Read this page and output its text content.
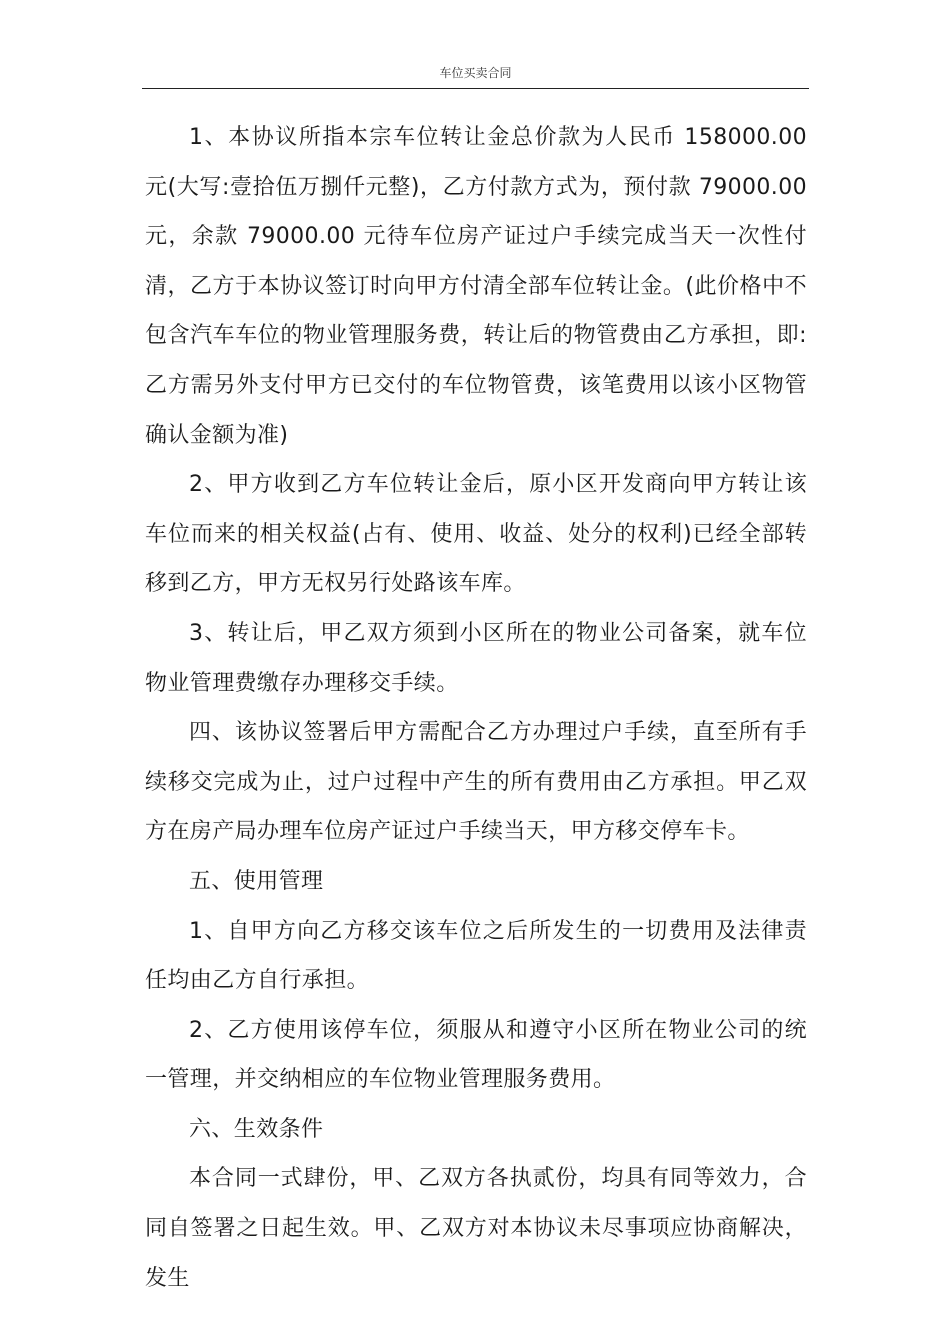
车位买卖合同

1、本协议所指本宗车位转让金总价款为人民币 158000.00 元(大写:壹拾伍万捌仟元整)，乙方付款方式为，预付款 79000.00 元，余款 79000.00 元待车位房产证过户手续完成当天一次性付清，乙方于本协议签订时向甲方付清全部车位转让金。(此价格中不包含汽车车位的物业管理服务费，转让后的物管费由乙方承担，即:乙方需另外支付甲方已交付的车位物管费，该笔费用以该小区物管确认金额为准)

2、甲方收到乙方车位转让金后，原小区开发商向甲方转让该车位而来的相关权益(占有、使用、收益、处分的权利)已经全部转移到乙方，甲方无权另行处路该车库。

3、转让后，甲乙双方须到小区所在的物业公司备案，就车位物业管理费缴存办理移交手续。

四、该协议签署后甲方需配合乙方办理过户手续，直至所有手续移交完成为止，过户过程中产生的所有费用由乙方承担。甲乙双方在房产局办理车位房产证过户手续当天，甲方移交停车卡。

五、使用管理

1、自甲方向乙方移交该车位之后所发生的一切费用及法律责任均由乙方自行承担。

2、乙方使用该停车位，须服从和遵守小区所在物业公司的统一管理，并交纳相应的车位物业管理服务费用。

六、生效条件

本合同一式肆份，甲、乙双方各执贰份，均具有同等效力，合同自签署之日起生效。甲、乙双方对本协议未尽事项应协商解决，发生
